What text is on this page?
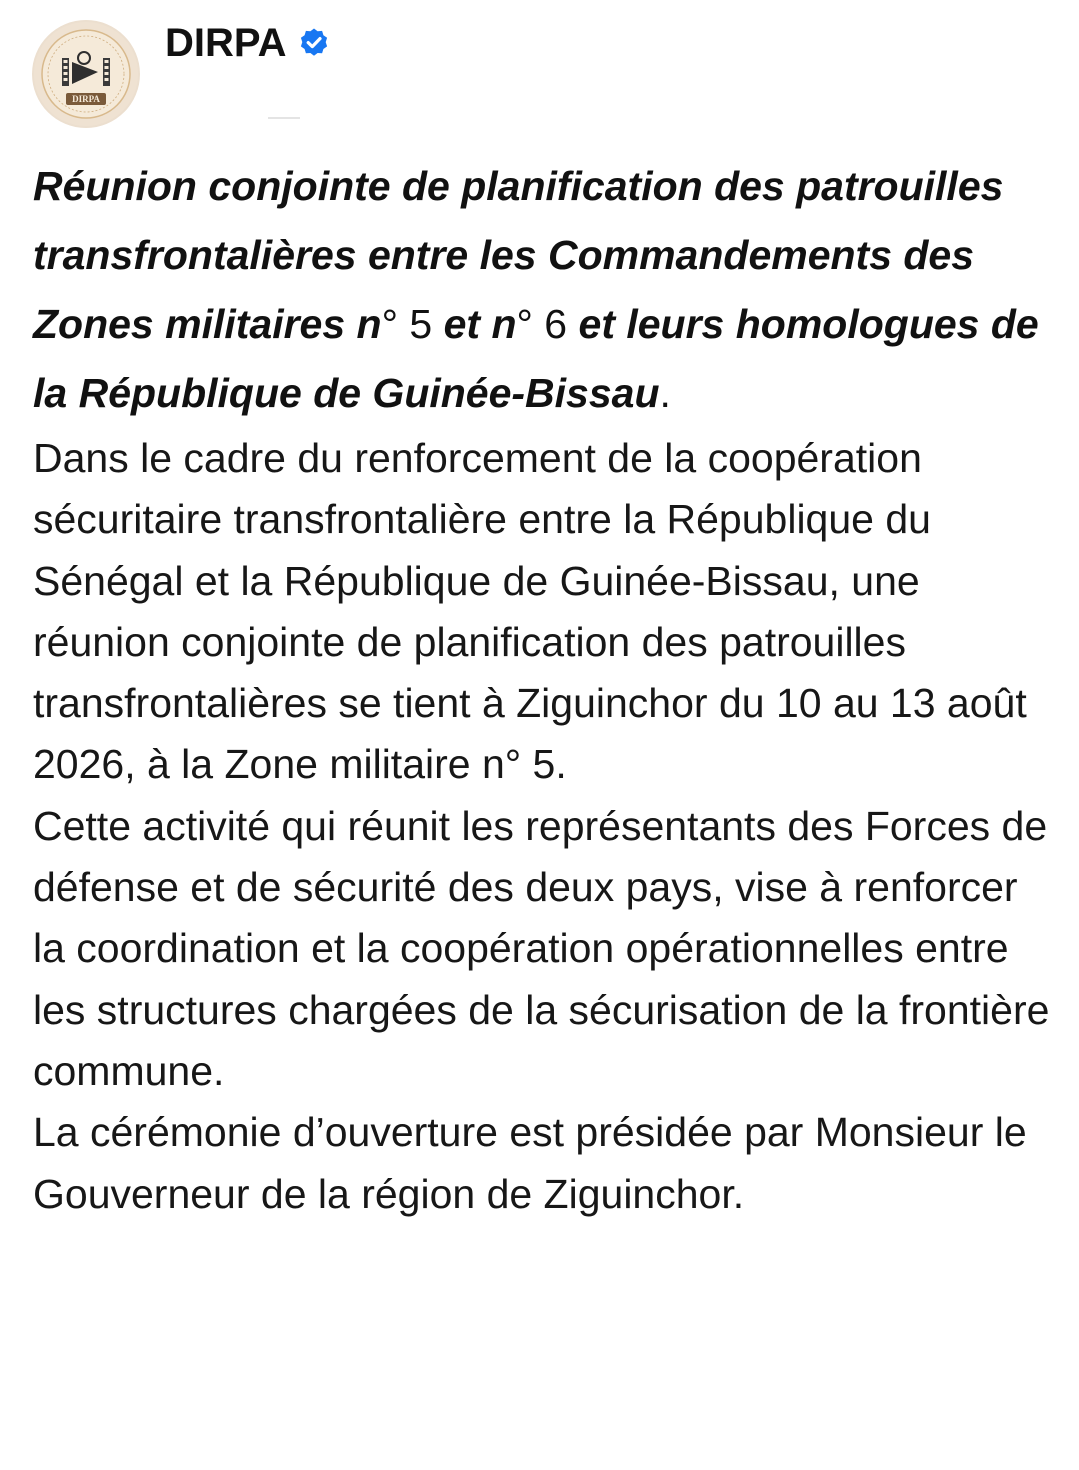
DIRPA
DIRPA

Réunion conjointe de planification des patrouilles transfrontalières entre les Commandements des Zones militaires n° 5 et n° 6 et leurs homologues de la République de Guinée-Bissau.

Dans le cadre du renforcement de la coopération sécuritaire transfrontalière entre la République du Sénégal et la République de Guinée-Bissau, une réunion conjointe de planification des patrouilles transfrontalières se tient à Ziguinchor du 10 au 13 août 2026, à la Zone militaire n° 5.

Cette activité qui réunit les représentants des Forces de défense et de sécurité des deux pays, vise à renforcer la coordination et la coopération opérationnelles entre les structures chargées de la sécurisation de la frontière commune.

La cérémonie d’ouverture est présidée par Monsieur le Gouverneur de la région de Ziguinchor.
